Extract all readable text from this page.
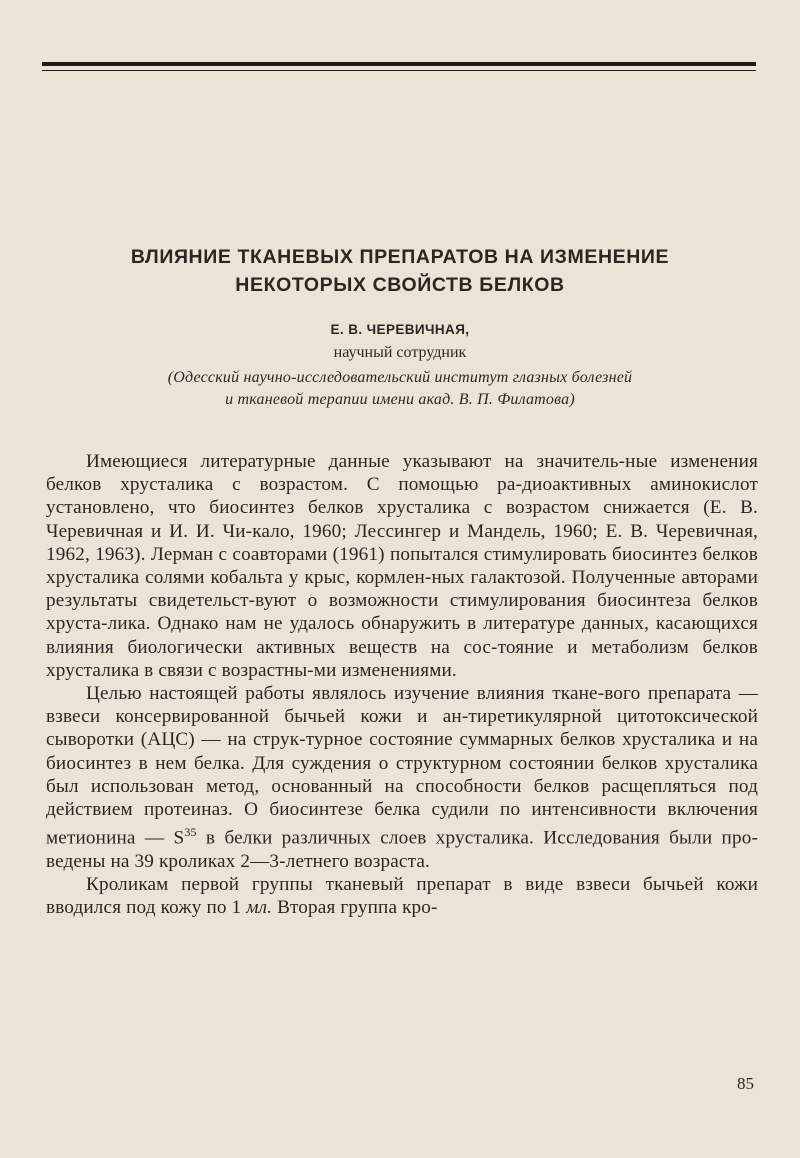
ВЛИЯНИЕ ТКАНЕВЫХ ПРЕПАРАТОВ НА ИЗМЕНЕНИЕ
НЕКОТОРЫХ СВОЙСТВ БЕЛКОВ
Е. В. ЧЕРЕВИЧНАЯ,
научный сотрудник
(Одесский научно-исследовательский институт глазных болезней
и тканевой терапии имени акад. В. П. Филатова)

Имеющиеся литературные данные указывают на значитель-ные изменения белков хрусталика с возрастом. С помощью ра-диоактивных аминокислот установлено, что биосинтез белков хрусталика с возрастом снижается (Е. В. Черевичная и И. И. Чи-кало, 1960; Лессингер и Мандель, 1960; Е. В. Черевичная, 1962, 1963). Лерман с соавторами (1961) попытался стимулировать биосинтез белков хрусталика солями кобальта у крыс, кормлен-ных галактозой. Полученные авторами результаты свидетельст-вуют о возможности стимулирования биосинтеза белков хруста-лика. Однако нам не удалось обнаружить в литературе данных, касающихся влияния биологически активных веществ на сос-тояние и метаболизм белков хрусталика в связи с возрастны-ми изменениями.

Целью настоящей работы являлось изучение влияния ткане-вого препарата — взвеси консервированной бычьей кожи и ан-тиретикулярной цитотоксической сыворотки (АЦС) — на струк-турное состояние суммарных белков хрусталика и на биосинтез в нем белка. Для суждения о структурном состоянии белков хрусталика был использован метод, основанный на способности белков расщепляться под действием протеиназ. О биосинтезе белка судили по интенсивности включения метионина — $S^{35}$ в белки различных слоев хрусталика. Исследования были про-ведены на 39 кроликах 2—3-летнего возраста.

Кроликам первой группы тканевый препарат в виде взвеси бычьей кожи вводился под кожу по 1 мл. Вторая группа кро-

85
